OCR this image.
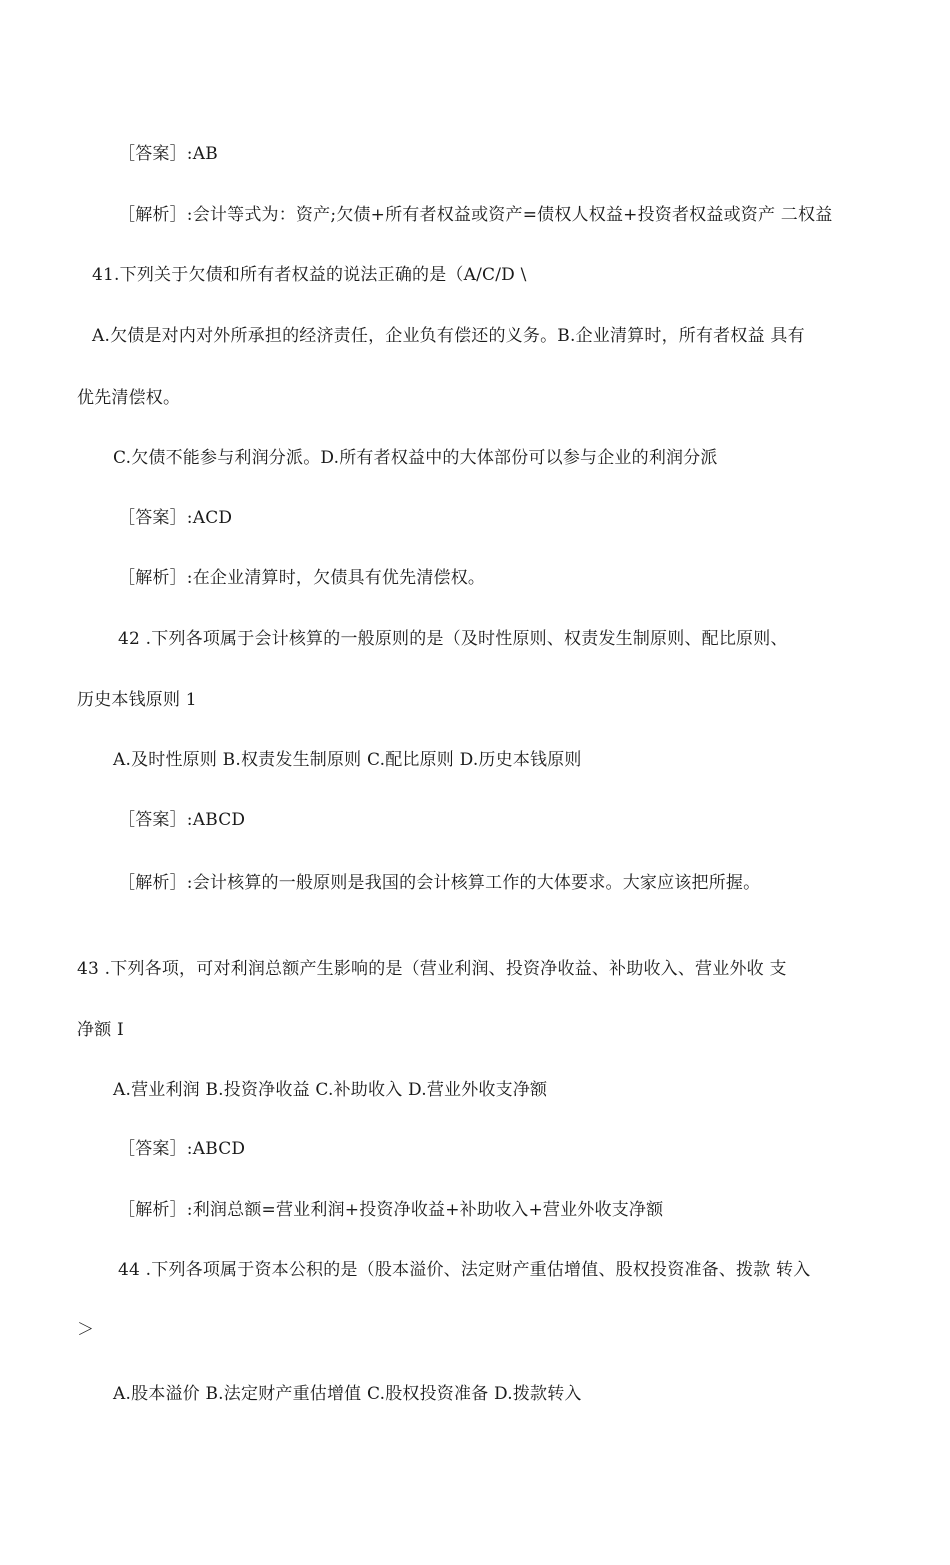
［答案］:AB
［解析］:会计等式为：资产;欠债+所有者权益或资产=债权人权益+投资者权益或资产 二权益
41.下列关于欠债和所有者权益的说法正确的是（A/C/D \
A.欠债是对内对外所承担的经济责任，企业负有偿还的义务。B.企业清算时，所有者权益 具有
优先清偿权。
C.欠债不能参与利润分派。D.所有者权益中的大体部份可以参与企业的利润分派
［答案］:ACD
［解析］:在企业清算时，欠债具有优先清偿权。
42 .下列各项属于会计核算的一般原则的是（及时性原则、权责发生制原则、配比原则、
历史本钱原则 1
A.及时性原则 B.权责发生制原则 C.配比原则 D.历史本钱原则
［答案］:ABCD
［解析］:会计核算的一般原则是我国的会计核算工作的大体要求。大家应该把所握。
43 .下列各项，可对利润总额产生影响的是（营业利润、投资净收益、补助收入、营业外收 支
净额 I
A.营业利润 B.投资净收益 C.补助收入 D.营业外收支净额
［答案］:ABCD
［解析］:利润总额=营业利润+投资净收益+补助收入+营业外收支净额
44 .下列各项属于资本公积的是（股本溢价、法定财产重估增值、股权投资准备、拨款 转入
＞
A.股本溢价 B.法定财产重估增值 C.股权投资准备 D.拨款转入
